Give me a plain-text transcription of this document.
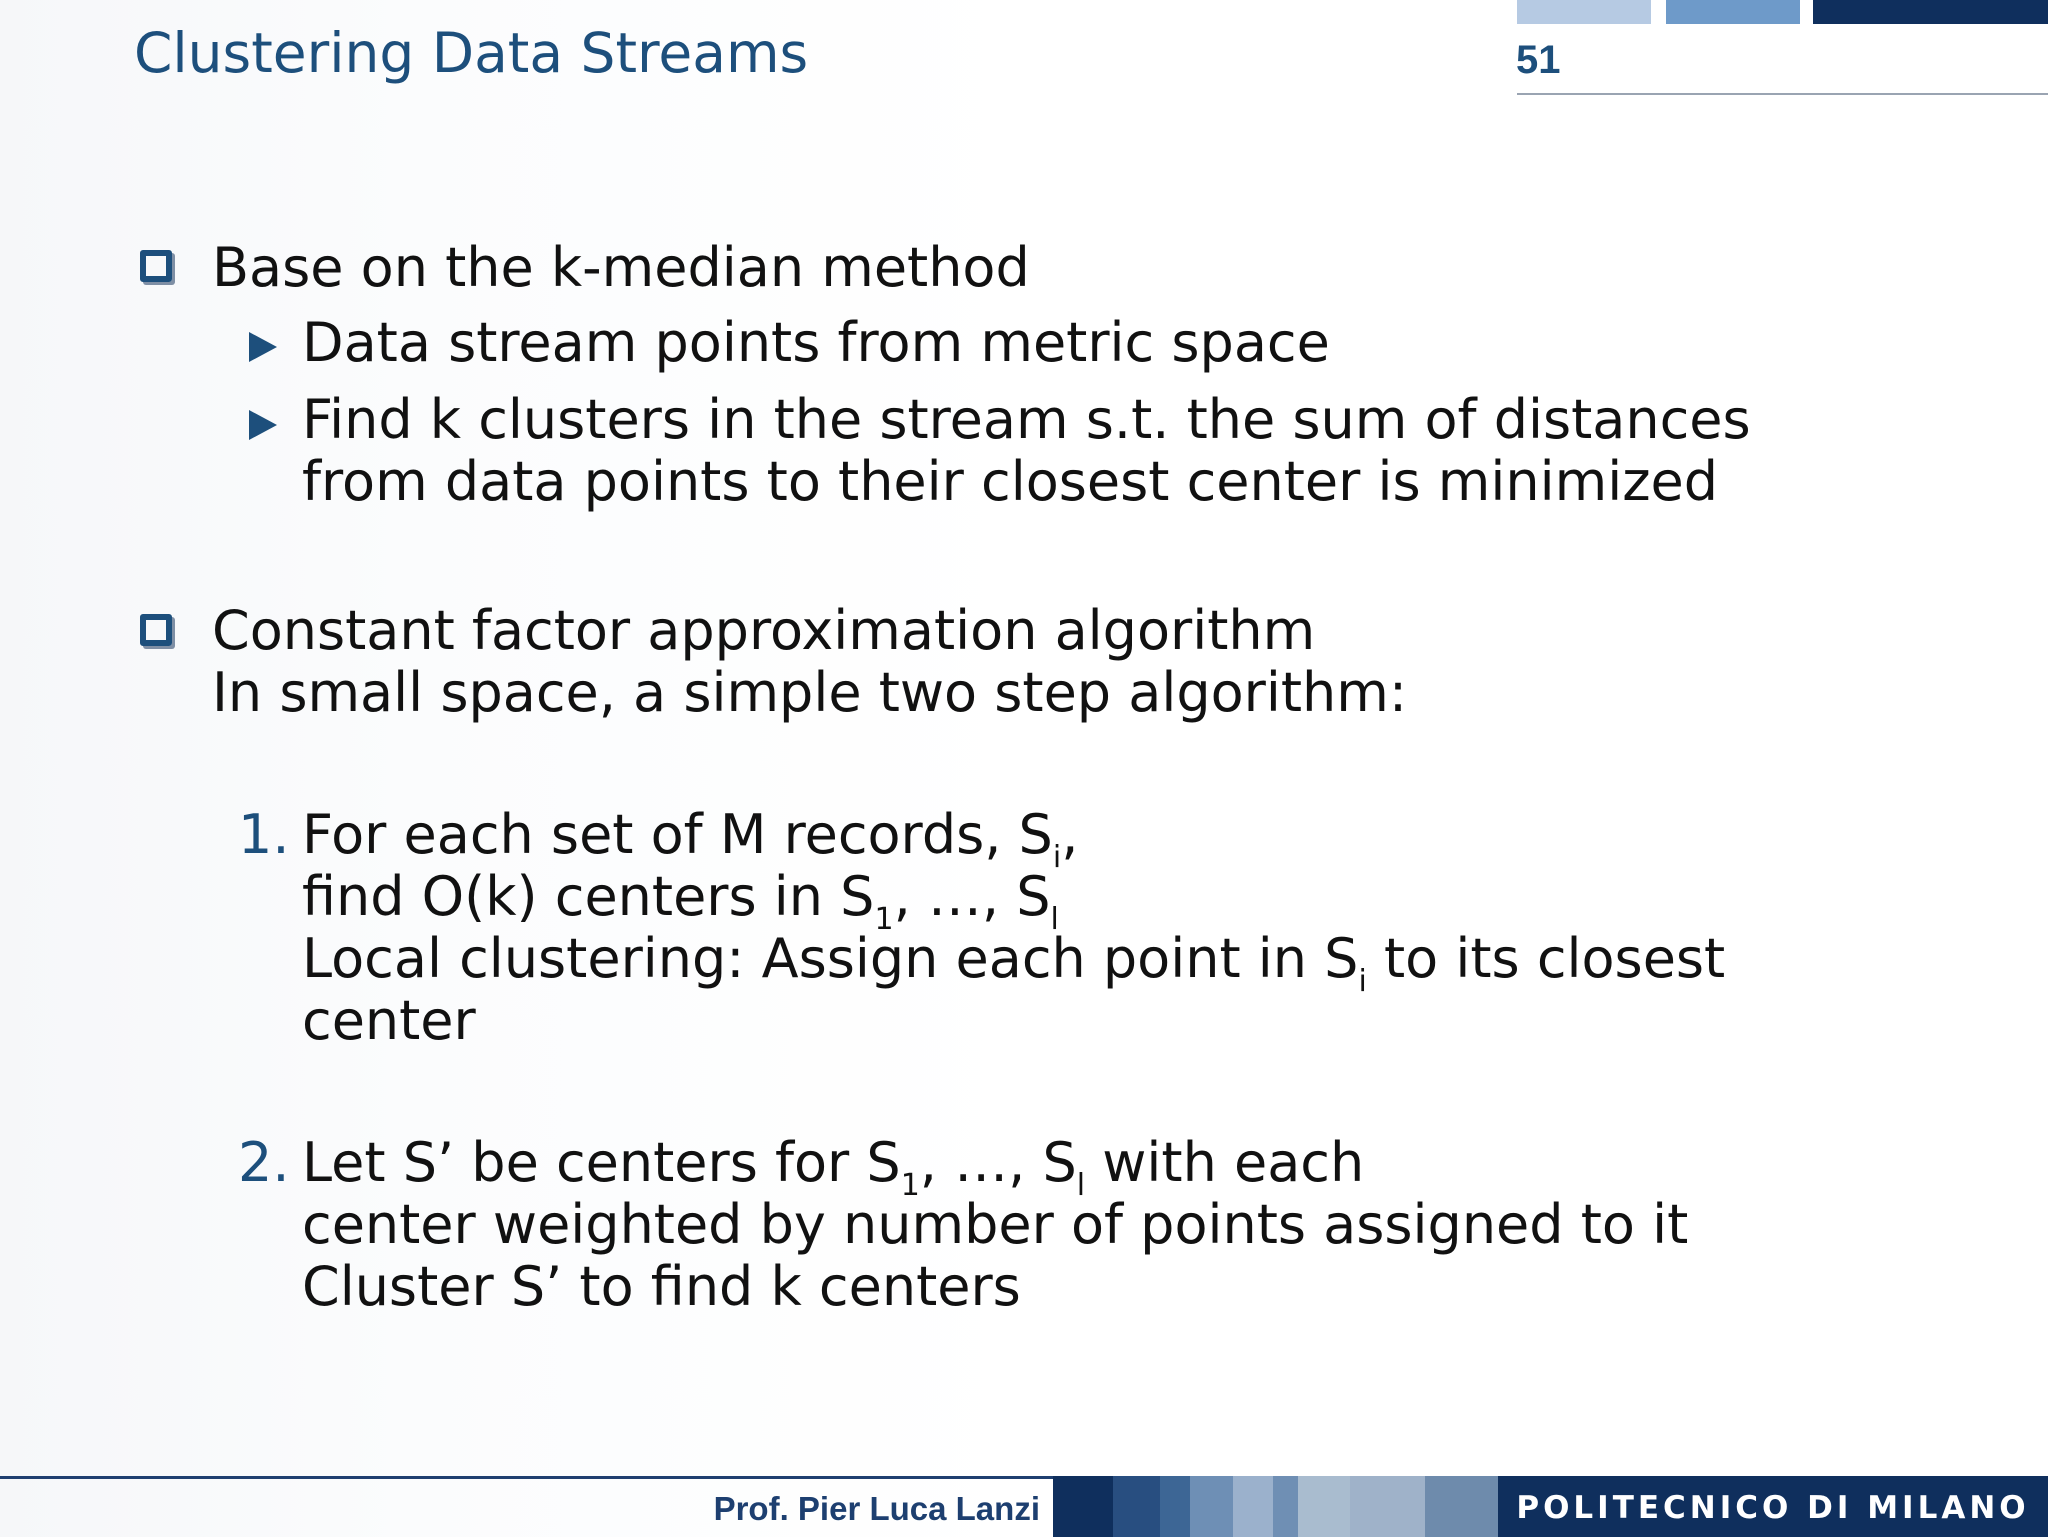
Clustering Data Streams	51
Base on the k-median method
Data stream points from metric space
Find k clusters in the stream s.t. the sum of distances
from data points to their closest center is minimized
Constant factor approximation algorithm
In small space, a simple two step algorithm:
1. For each set of M records, $S_i$,
find O(k) centers in $S_1$, …, $S_l$
Local clustering: Assign each point in $S_i$ to its closest
center
2. Let S’ be centers for $S_1$, …, $S_l$ with each
center weighted by number of points assigned to it
Cluster S’ to find k centers
Prof. Pier Luca Lanzi	POLITECNICO DI MILANO
